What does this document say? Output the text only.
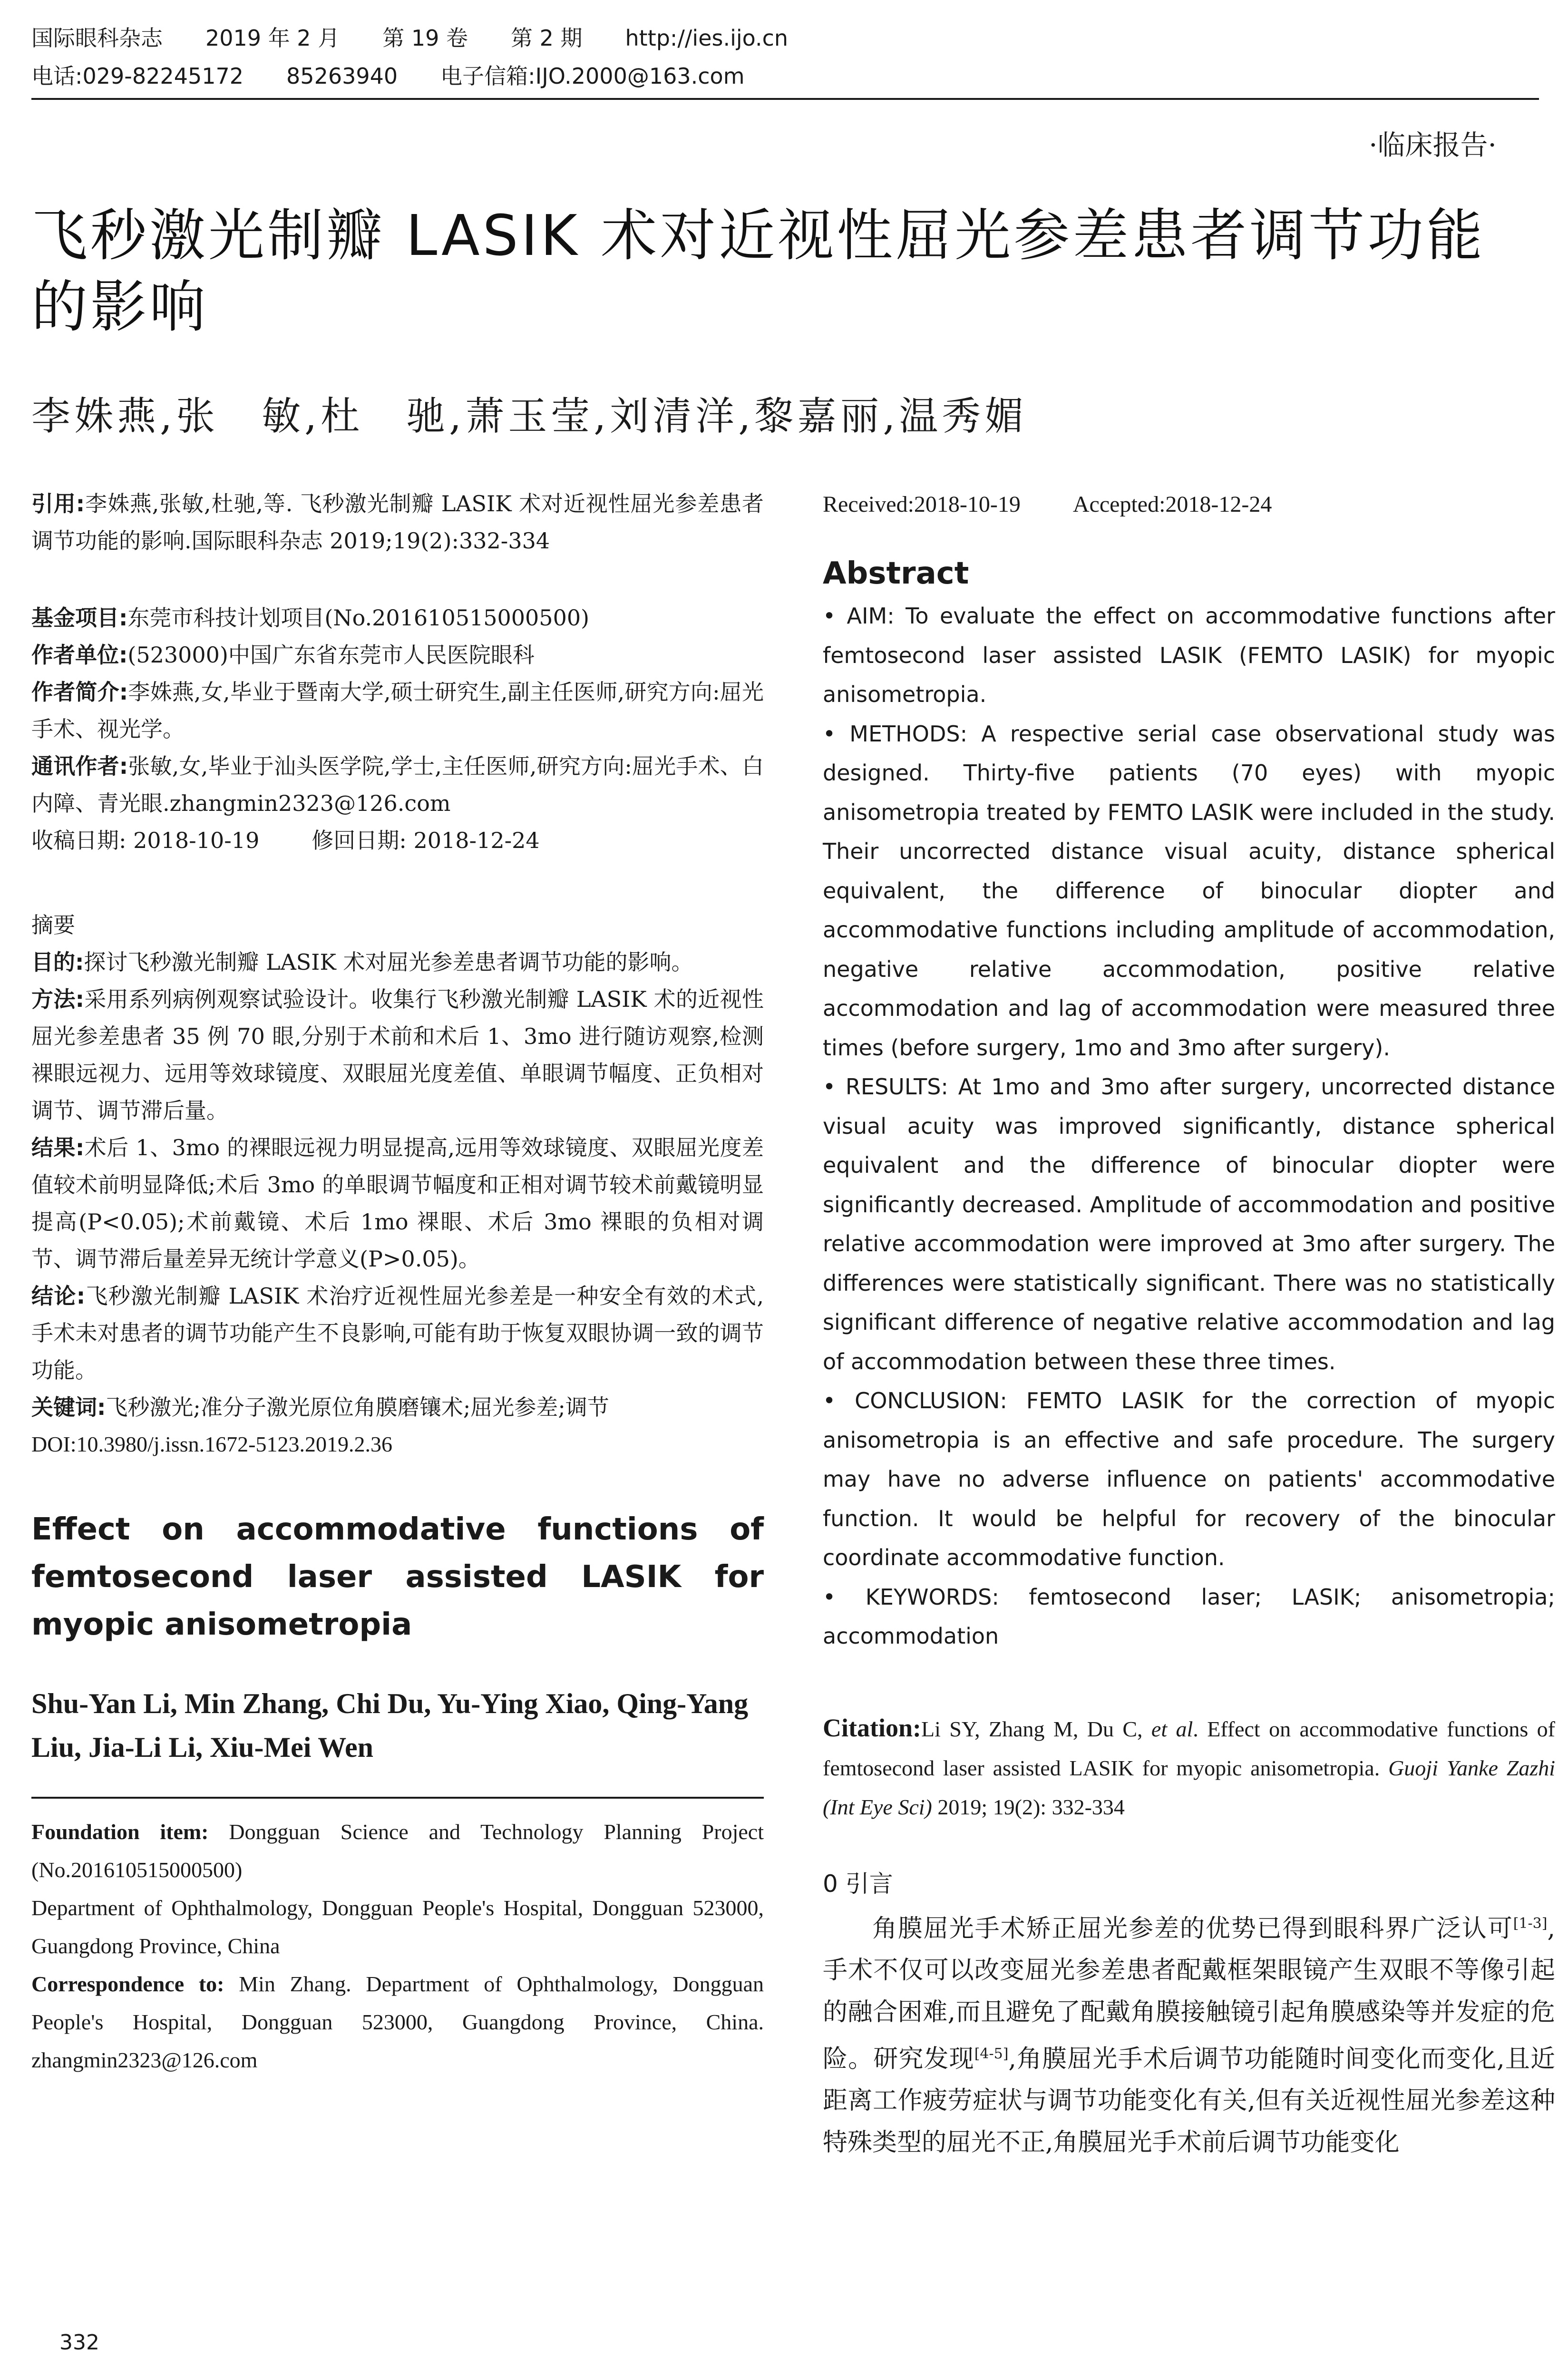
国际眼科杂志 2019 年 2 月 第 19 卷 第 2 期 http://ies.ijo.cn
电话:029-82245172 85263940 电子信箱:IJO.2000@163.com
·临床报告·
飞秒激光制瓣 LASIK 术对近视性屈光参差患者调节功能的影响
李姝燕,张　敏,杜　驰,萧玉莹,刘清洋,黎嘉丽,温秀媚
引用:李姝燕,张敏,杜驰,等. 飞秒激光制瓣 LASIK 术对近视性屈光参差患者调节功能的影响.国际眼科杂志 2019;19(2):332-334
基金项目:东莞市科技计划项目(No.201610515000500)
作者单位:(523000)中国广东省东莞市人民医院眼科
作者简介:李姝燕,女,毕业于暨南大学,硕士研究生,副主任医师,研究方向:屈光手术、视光学。
通讯作者:张敏,女,毕业于汕头医学院,学士,主任医师,研究方向:屈光手术、白内障、青光眼.zhangmin2323@126.com
收稿日期: 2018-10-19 修回日期: 2018-12-24
摘要
目的:探讨飞秒激光制瓣 LASIK 术对屈光参差患者调节功能的影响。
方法:采用系列病例观察试验设计。收集行飞秒激光制瓣 LASIK 术的近视性屈光参差患者 35 例 70 眼,分别于术前和术后 1、3mo 进行随访观察,检测裸眼远视力、远用等效球镜度、双眼屈光度差值、单眼调节幅度、正负相对调节、调节滞后量。
结果:术后 1、3mo 的裸眼远视力明显提高,远用等效球镜度、双眼屈光度差值较术前明显降低;术后 3mo 的单眼调节幅度和正相对调节较术前戴镜明显提高(P<0.05);术前戴镜、术后 1mo 裸眼、术后 3mo 裸眼的负相对调节、调节滞后量差异无统计学意义(P>0.05)。
结论:飞秒激光制瓣 LASIK 术治疗近视性屈光参差是一种安全有效的术式,手术未对患者的调节功能产生不良影响,可能有助于恢复双眼协调一致的调节功能。
关键词:飞秒激光;准分子激光原位角膜磨镶术;屈光参差;调节
DOI:10.3980/j.issn.1672-5123.2019.2.36
Effect on accommodative functions of femtosecond laser assisted LASIK for myopic anisometropia
Shu-Yan Li, Min Zhang, Chi Du, Yu-Ying Xiao, Qing-Yang Liu, Jia-Li Li, Xiu-Mei Wen
Foundation item: Dongguan Science and Technology Planning Project (No.201610515000500)
Department of Ophthalmology, Dongguan People's Hospital, Dongguan 523000, Guangdong Province, China
Correspondence to: Min Zhang. Department of Ophthalmology, Dongguan People's Hospital, Dongguan 523000, Guangdong Province, China. zhangmin2323@126.com
Received:2018-10-19 Accepted:2018-12-24
Abstract
• AIM: To evaluate the effect on accommodative functions after femtosecond laser assisted LASIK (FEMTO LASIK) for myopic anisometropia.
• METHODS: A respective serial case observational study was designed. Thirty-five patients (70 eyes) with myopic anisometropia treated by FEMTO LASIK were included in the study. Their uncorrected distance visual acuity, distance spherical equivalent, the difference of binocular diopter and accommodative functions including amplitude of accommodation, negative relative accommodation, positive relative accommodation and lag of accommodation were measured three times (before surgery, 1mo and 3mo after surgery).
• RESULTS: At 1mo and 3mo after surgery, uncorrected distance visual acuity was improved significantly, distance spherical equivalent and the difference of binocular diopter were significantly decreased. Amplitude of accommodation and positive relative accommodation were improved at 3mo after surgery. The differences were statistically significant. There was no statistically significant difference of negative relative accommodation and lag of accommodation between these three times.
• CONCLUSION: FEMTO LASIK for the correction of myopic anisometropia is an effective and safe procedure. The surgery may have no adverse influence on patients' accommodative function. It would be helpful for recovery of the binocular coordinate accommodative function.
• KEYWORDS: femtosecond laser; LASIK; anisometropia; accommodation
Citation:Li SY, Zhang M, Du C, et al. Effect on accommodative functions of femtosecond laser assisted LASIK for myopic anisometropia. Guoji Yanke Zazhi (Int Eye Sci) 2019; 19(2): 332-334
0 引言
角膜屈光手术矫正屈光参差的优势已得到眼科界广泛认可[1-3],手术不仅可以改变屈光参差患者配戴框架眼镜产生双眼不等像引起的融合困难,而且避免了配戴角膜接触镜引起角膜感染等并发症的危险。研究发现[4-5],角膜屈光手术后调节功能随时间变化而变化,且近距离工作疲劳症状与调节功能变化有关,但有关近视性屈光参差这种特殊类型的屈光不正,角膜屈光手术前后调节功能变化
332
